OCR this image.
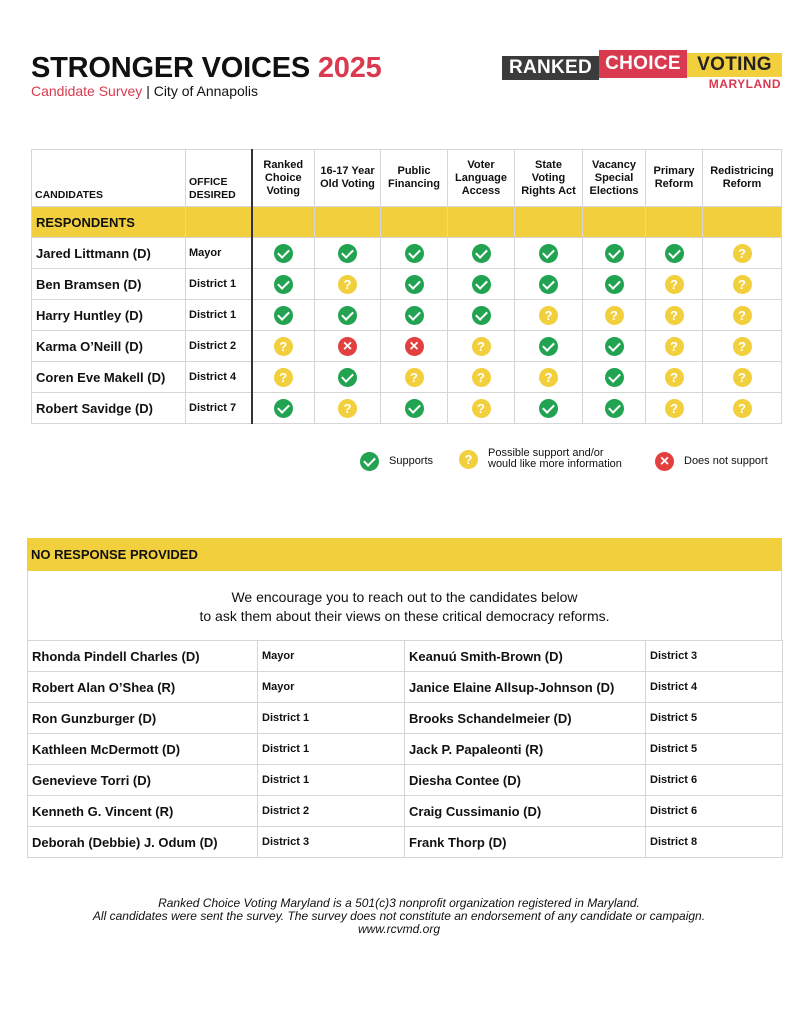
STRONGER VOICES 2025
Candidate Survey | City of Annapolis
RANKED CHOICE VOTING
MARYLAND
CANDIDATES	OFFICE DESIRED	Ranked Choice Voting	16-17 Year Old Voting	Public Financing	Voter Language Access	State Voting Rights Act	Vacancy Special Elections	Primary Reform	Redistricing Reform
RESPONDENTS									
Jared Littmann (D)	Mayor								?
Ben Bramsen (D)	District 1		?					?	?
Harry Huntley (D)	District 1					?	?	?	?
Karma O’Neill (D)	District 2	?	×	×	?			?	?
Coren Eve Makell (D)	District 4	?		?	?	?		?	?
Robert Savidge (D)	District 7		?		?			?	?
Supports	?	Possible support and/or
would like more information	×	Does not support
NO RESPONSE PROVIDED
We encourage you to reach out to the candidates below
to ask them about their views on these critical democracy reforms.
Rhonda Pindell Charles (D)	Mayor	Keanuú Smith-Brown (D)	District 3
Robert Alan O’Shea (R)	Mayor	Janice Elaine Allsup-Johnson (D)	District 4
Ron Gunzburger (D)	District 1	Brooks Schandelmeier (D)	District 5
Kathleen McDermott (D)	District 1	Jack P. Papaleonti (R)	District 5
Genevieve Torri (D)	District 1	Diesha Contee (D)	District 6
Kenneth G. Vincent (R)	District 2	Craig Cussimanio (D)	District 6
Deborah (Debbie) J. Odum (D)	District 3	Frank Thorp (D)	District 8
Ranked Choice Voting Maryland is a 501(c)3 nonprofit organization registered in Maryland.
All candidates were sent the survey. The survey does not constitute an endorsement of any candidate or campaign.
www.rcvmd.org
